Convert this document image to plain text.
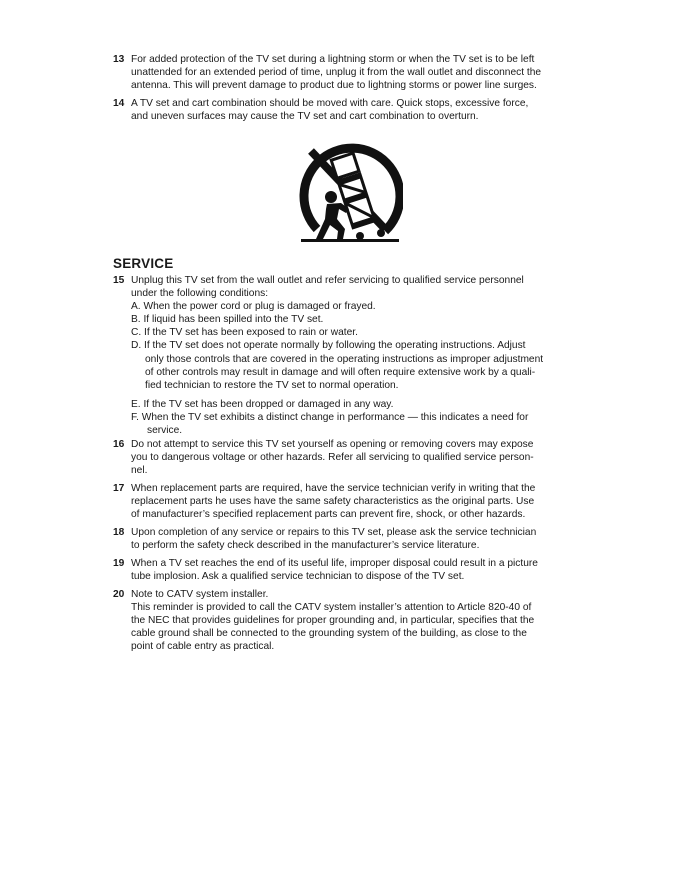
13 For added protection of the TV set during a lightning storm or when the TV set is to be left
unattended for an extended period of time, unplug it from the wall outlet and disconnect the
antenna. This will prevent damage to product due to lightning storms or power line surges.
14 A TV set and cart combination should be moved with care. Quick stops, excessive force,
and uneven surfaces may cause the TV set and cart combination to overturn.
SERVICE
15 Unplug this TV set from the wall outlet and refer servicing to qualified service personnel
under the following conditions:
A. When the power cord or plug is damaged or frayed.
B. If liquid has been spilled into the TV set.
C. If the TV set has been exposed to rain or water.
D. If the TV set does not operate normally by following the operating instructions. Adjust
only those controls that are covered in the operating instructions as improper adjustment
of other controls may result in damage and will often require extensive work by a quali-
fied technician to restore the TV set to normal operation.
E. If the TV set has been dropped or damaged in any way.
F. When the TV set exhibits a distinct change in performance — this indicates a need for
service.
16 Do not attempt to service this TV set yourself as opening or removing covers may expose
you to dangerous voltage or other hazards. Refer all servicing to qualified service person-
nel.
17 When replacement parts are required, have the service technician verify in writing that the
replacement parts he uses have the same safety characteristics as the original parts. Use
of manufacturer’s specified replacement parts can prevent fire, shock, or other hazards.
18 Upon completion of any service or repairs to this TV set, please ask the service technician
to perform the safety check described in the manufacturer’s service literature.
19 When a TV set reaches the end of its useful life, improper disposal could result in a picture
tube implosion. Ask a qualified service technician to dispose of the TV set.
20 Note to CATV system installer.
This reminder is provided to call the CATV system installer’s attention to Article 820-40 of
the NEC that provides guidelines for proper grounding and, in particular, specifies that the
cable ground shall be connected to the grounding system of the building, as close to the
point of cable entry as practical.
